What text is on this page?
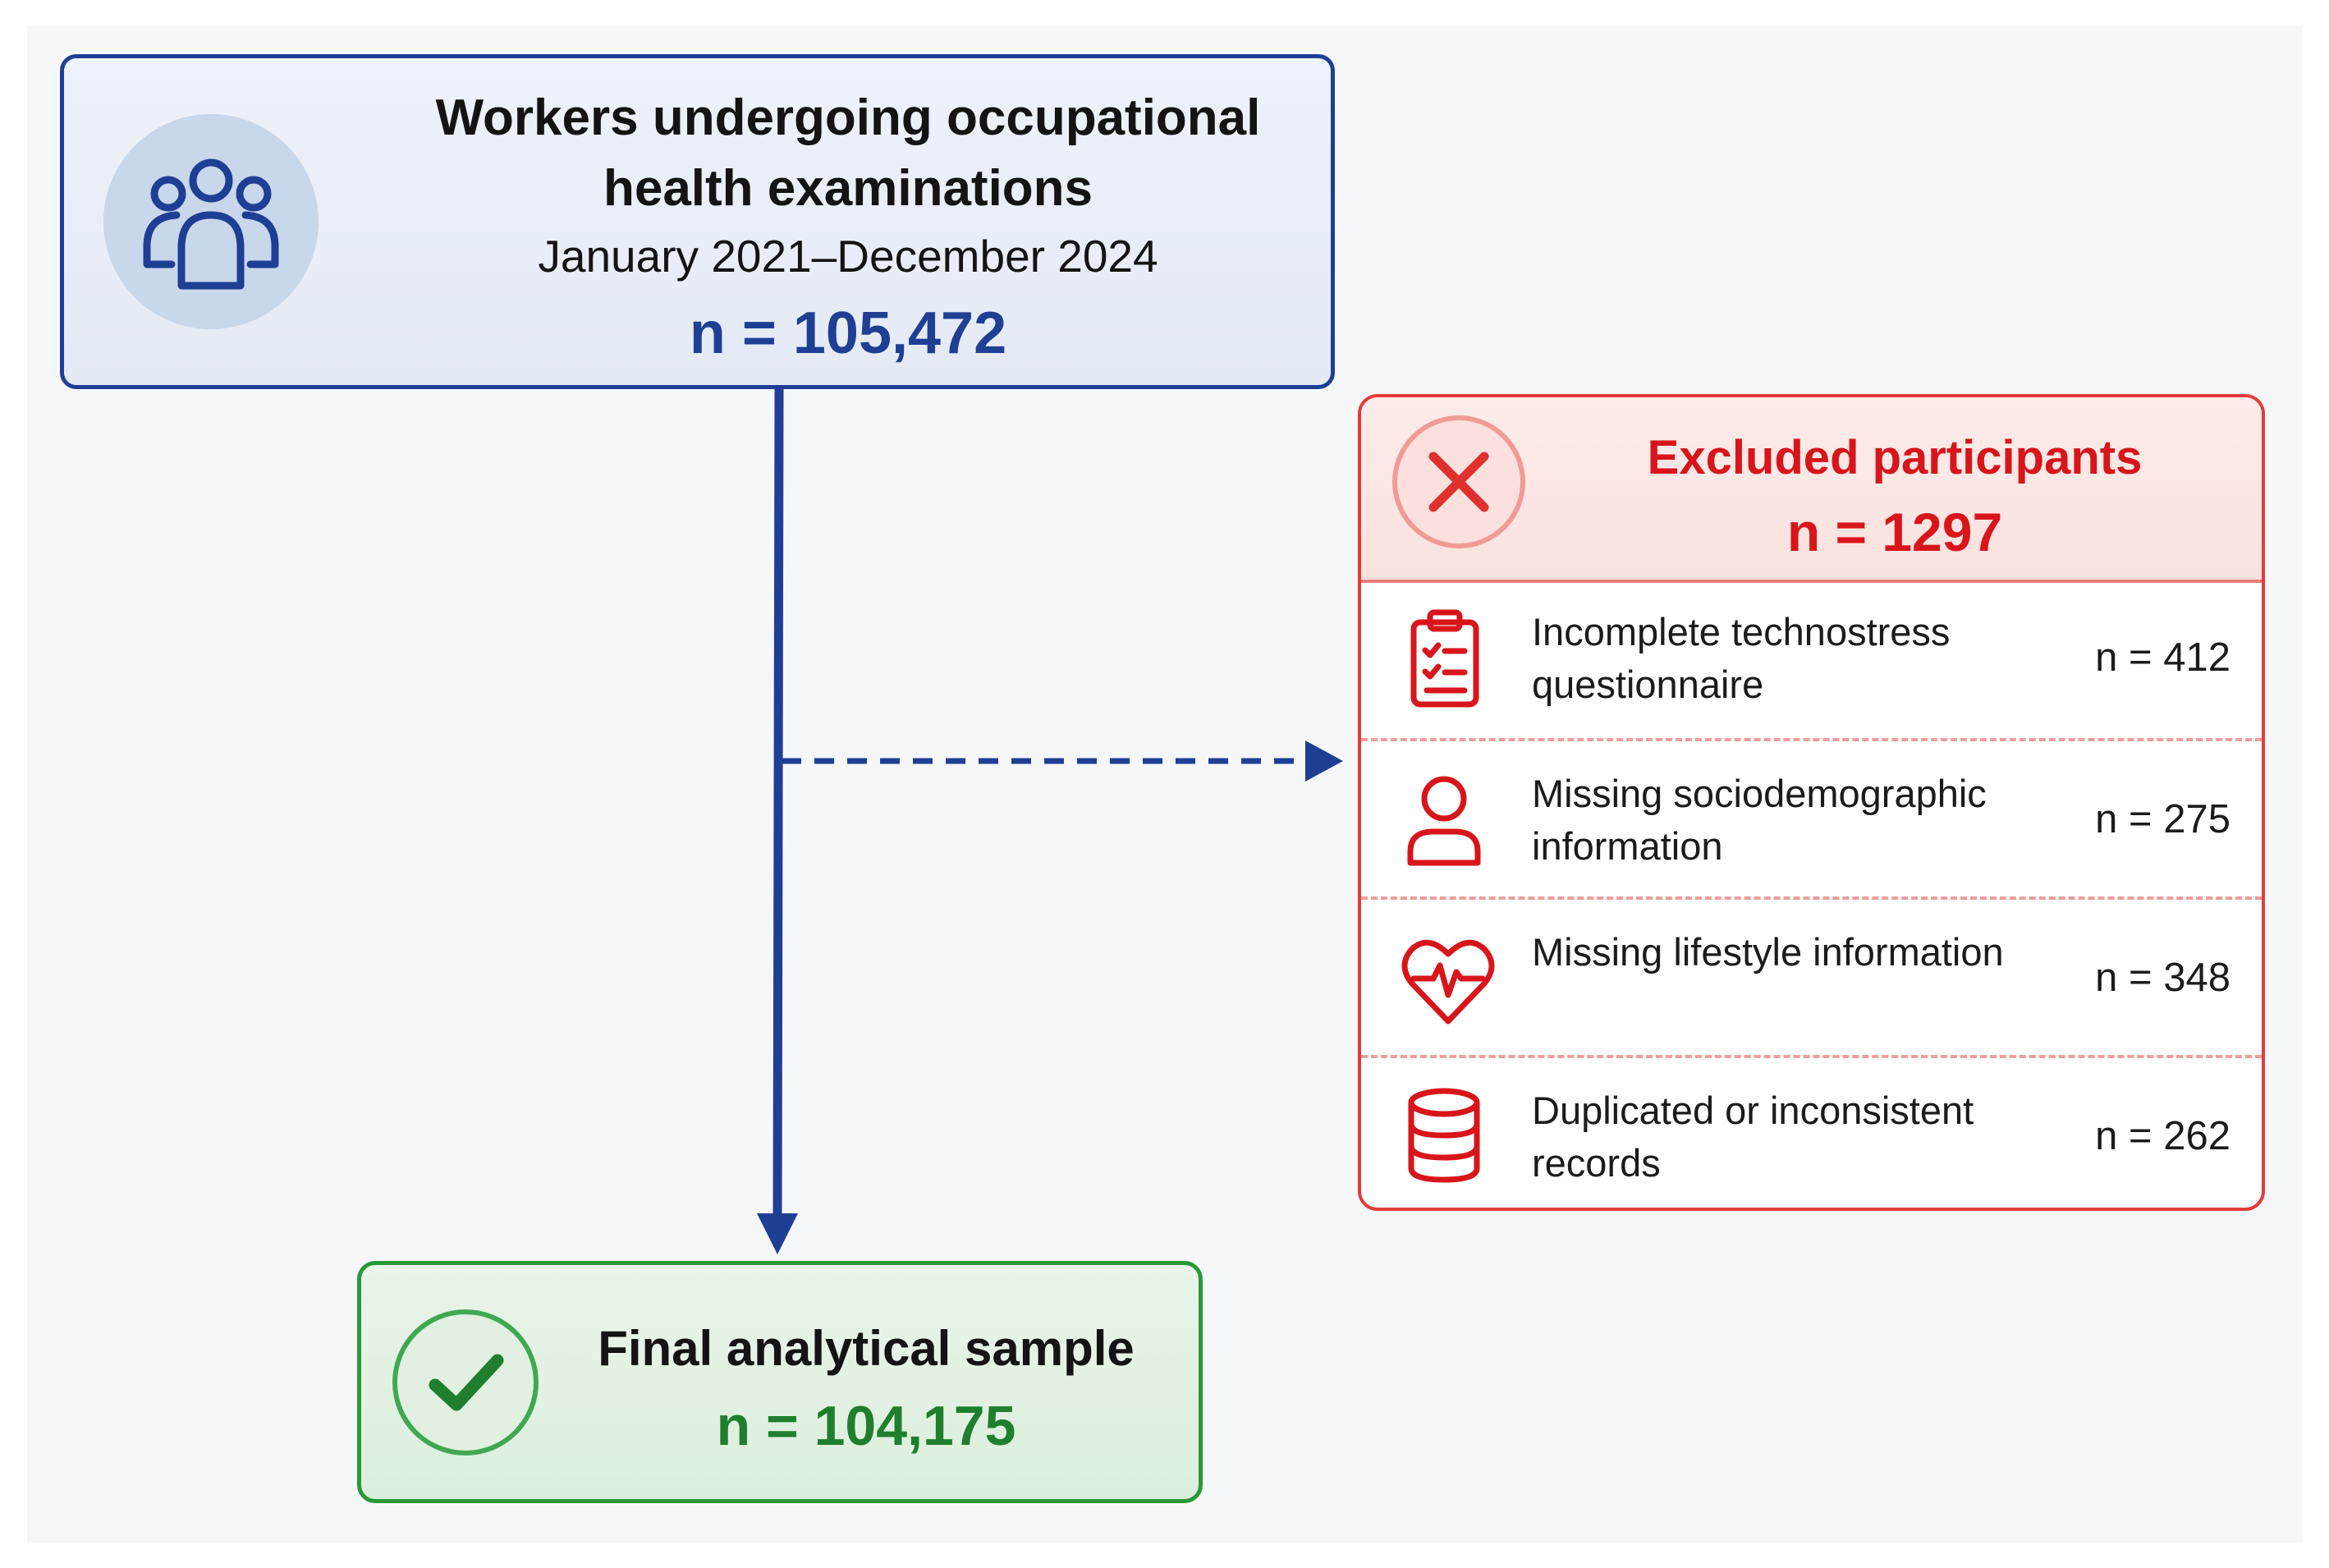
Workers undergoing occupational health examinations
January 2021–December 2024
n = 105,472
Excluded participants
n = 1297
Incomplete technostress questionnaire
n = 412
Missing sociodemographic information
n = 275
Missing lifestyle information
n = 348
Duplicated or inconsistent records
n = 262
Final analytical sample
n = 104,175
